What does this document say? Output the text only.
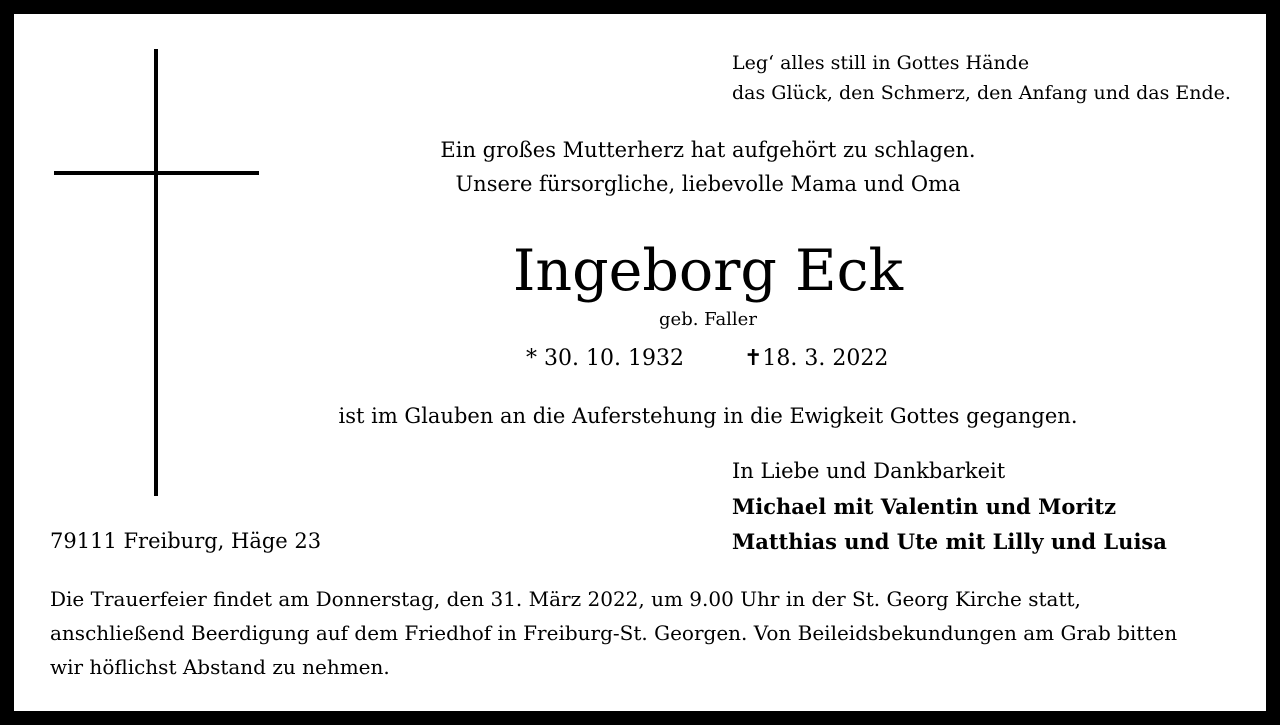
Leg‘ alles still in Gottes Hände
das Glück, den Schmerz, den Anfang und das Ende.
Ein großes Mutterherz hat aufgehört zu schlagen.
Unsere fürsorgliche, liebevolle Mama und Oma
Ingeborg Eck
geb. Faller
* 30. 10. 1932	✝18. 3. 2022
ist im Glauben an die Auferstehung in die Ewigkeit Gottes gegangen.
In Liebe und Dankbarkeit
Michael mit Valentin und Moritz
Matthias und Ute mit Lilly und Luisa
79111 Freiburg, Häge 23
Die Trauerfeier findet am Donnerstag, den 31. März 2022, um 9.00 Uhr in der St. Georg Kirche statt,
anschließend Beerdigung auf dem Friedhof in Freiburg-St. Georgen. Von Beileidsbekundungen am Grab bitten
wir höflichst Abstand zu nehmen.
